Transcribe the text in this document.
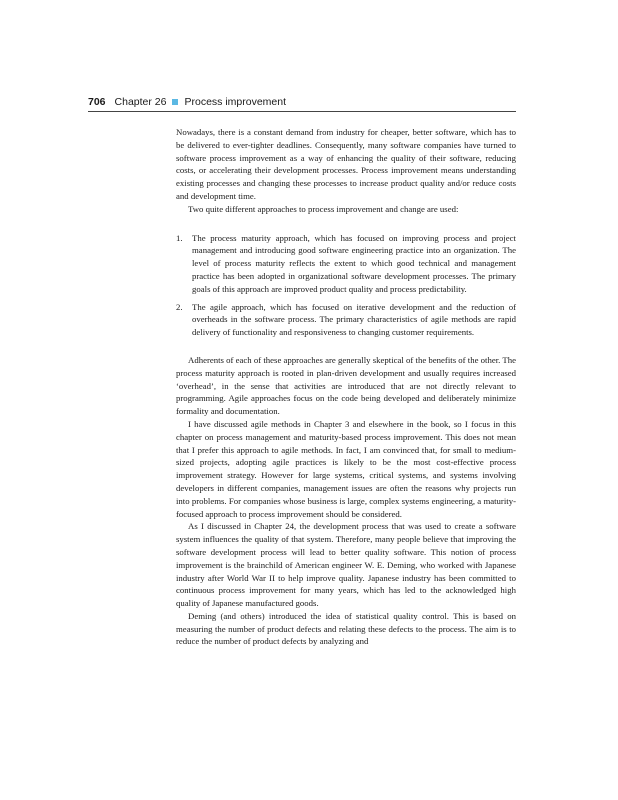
706 Chapter 26 Process improvement

Nowadays, there is a constant demand from industry for cheaper, better software, which has to be delivered to ever-tighter deadlines. Consequently, many software companies have turned to software process improvement as a way of enhancing the quality of their software, reducing costs, or accelerating their development processes. Process improvement means understanding existing processes and changing these processes to increase product quality and/or reduce costs and development time.

Two quite different approaches to process improvement and change are used:

1. The process maturity approach, which has focused on improving process and project management and introducing good software engineering practice into an organization. The level of process maturity reflects the extent to which good technical and management practice has been adopted in organizational software development processes. The primary goals of this approach are improved product quality and process predictability.
2. The agile approach, which has focused on iterative development and the reduction of overheads in the software process. The primary characteristics of agile methods are rapid delivery of functionality and responsiveness to changing customer requirements.

Adherents of each of these approaches are generally skeptical of the benefits of the other. The process maturity approach is rooted in plan-driven development and usually requires increased ‘overhead’, in the sense that activities are introduced that are not directly relevant to programming. Agile approaches focus on the code being developed and deliberately minimize formality and documentation.

I have discussed agile methods in Chapter 3 and elsewhere in the book, so I focus in this chapter on process management and maturity-based process improvement. This does not mean that I prefer this approach to agile methods. In fact, I am convinced that, for small to medium-sized projects, adopting agile practices is likely to be the most cost-effective process improvement strategy. However for large systems, critical systems, and systems involving developers in different companies, management issues are often the reasons why projects run into problems. For companies whose business is large, complex systems engineering, a maturity-focused approach to process improvement should be considered.

As I discussed in Chapter 24, the development process that was used to create a software system influences the quality of that system. Therefore, many people believe that improving the software development process will lead to better quality software. This notion of process improvement is the brainchild of American engineer W. E. Deming, who worked with Japanese industry after World War II to help improve quality. Japanese industry has been committed to continuous process improvement for many years, which has led to the acknowledged high quality of Japanese manufactured goods.

Deming (and others) introduced the idea of statistical quality control. This is based on measuring the number of product defects and relating these defects to the process. The aim is to reduce the number of product defects by analyzing and
